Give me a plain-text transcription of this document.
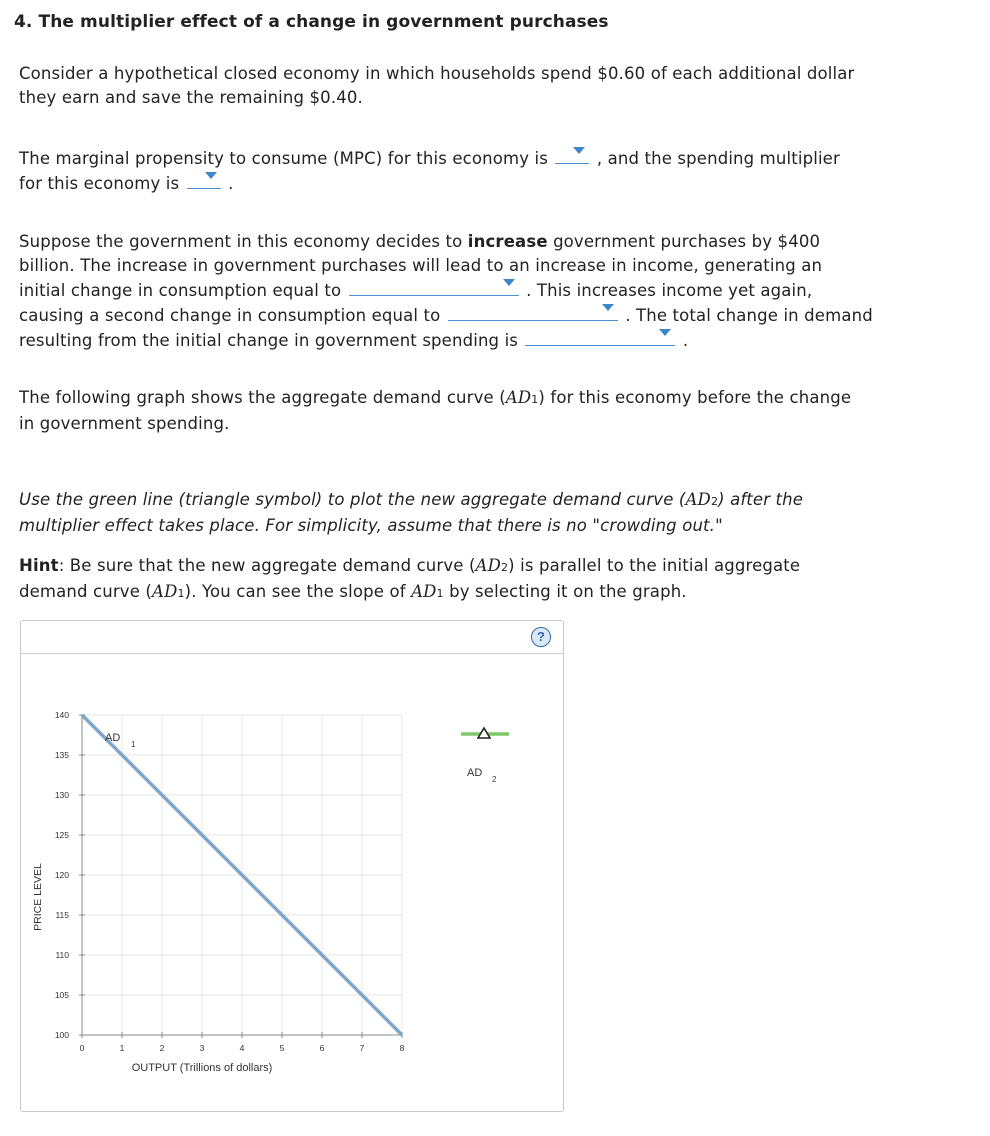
4. The multiplier effect of a change in government purchases
Consider a hypothetical closed economy in which households spend $0.60 of each additional dollar
they earn and save the remaining $0.40.
The marginal propensity to consume (MPC) for this economy is	, and the spending multiplier
for this economy is	.
Suppose the government in this economy decides to increase government purchases by $400
billion. The increase in government purchases will lead to an increase in income, generating an
initial change in consumption equal to	. This increases income yet again,
causing a second change in consumption equal to	. The total change in demand
resulting from the initial change in government spending is	.
The following graph shows the aggregate demand curve (AD1) for this economy before the change
in government spending.
Use the green line (triangle symbol) to plot the new aggregate demand curve (AD2) after the
multiplier effect takes place. For simplicity, assume that there is no "crowding out."
Hint: Be sure that the new aggregate demand curve (AD2) is parallel to the initial aggregate
demand curve (AD1). You can see the slope of AD1 by selecting it on the graph.
?
100
105
110
115
120
125
130
135
140
0	1	2	3	4	5	6	7	8
PRICE LEVEL
OUTPUT (Trillions of dollars)
AD
1
AD
2
